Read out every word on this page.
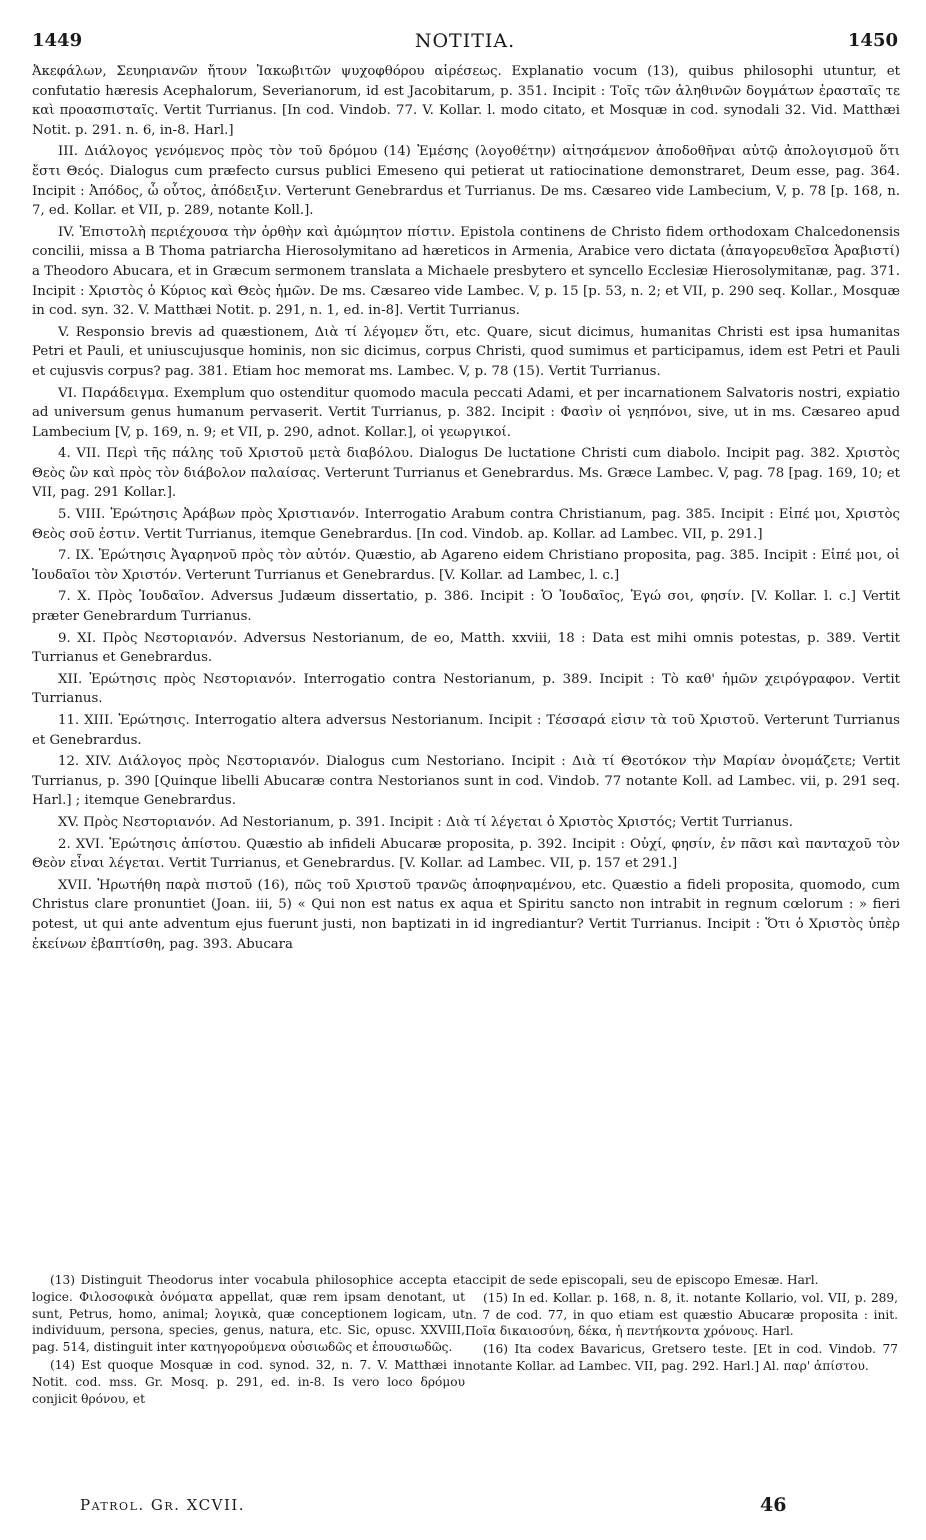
1449	NOTITIA.	1450

Ἀκεφάλων, Σευηριανῶν ἤτουν Ἰακωβιτῶν ψυχοφθόρου αἱρέσεως. Explanatio vocum (13), quibus philosophi utuntur, et confutatio hæresis Acephalorum, Severianorum, id est Jacobitarum, p. 351. Incipit : Τοῖς τῶν ἀληθινῶν δογμάτων ἐρασταῖς τε καὶ προασπισταῖς. Vertit Turrianus. [In cod. Vindob. 77. V. Kollar. l. modo citato, et Mosquæ in cod. synodali 32. Vid. Matthæi Notit. p. 291. n. 6, in-8. Harl.]

III. Διάλογος γενόμενος πρὸς τὸν τοῦ δρόμου (14) Ἐμέσης (λογοθέτην) αἰτησάμενον ἀποδοθῆναι αὐτῷ ἀπολογισμοῦ ὅτι ἔστι Θεός. Dialogus cum præfecto cursus publici Emeseno qui petierat ut ratiocinatione demonstraret, Deum esse, pag. 364. Incipit : Ἀπόδος, ὦ οὗτος, ἀπόδειξιν. Verterunt Genebrardus et Turrianus. De ms. Cæsareo vide Lambecium, V, p. 78 [p. 168, n. 7, ed. Kollar. et VII, p. 289, notante Koll.].

IV. Ἐπιστολὴ περιέχουσα τὴν ὀρθὴν καὶ ἀμώμητον πίστιν. Epistola continens de Christo fidem orthodoxam Chalcedonensis concilii, missa a B Thoma patriarcha Hierosolymitano ad hæreticos in Armenia, Arabice vero dictata (ἀπαγορευθεῖσα Ἀραβιστί) a Theodoro Abucara, et in Græcum sermonem translata a Michaele presbytero et syncello Ecclesiæ Hierosolymitanæ, pag. 371. Incipit : Χριστὸς ὁ Κύριος καὶ Θεὸς ἡμῶν. De ms. Cæsareo vide Lambec. V, p. 15 [p. 53, n. 2; et VII, p. 290 seq. Kollar., Mosquæ in cod. syn. 32. V. Matthæi Notit. p. 291, n. 1, ed. in-8]. Vertit Turrianus.

V. Responsio brevis ad quæstionem, Διὰ τί λέγομεν ὅτι, etc. Quare, sicut dicimus, humanitas Christi est ipsa humanitas Petri et Pauli, et uniuscujusque hominis, non sic dicimus, corpus Christi, quod sumimus et participamus, idem est Petri et Pauli et cujusvis corpus? pag. 381. Etiam hoc memorat ms. Lambec. V, p. 78 (15). Vertit Turrianus.

VI. Παράδειγμα. Exemplum quo ostenditur quomodo macula peccati Adami, et per incarnationem Salvatoris nostri, expiatio ad universum genus humanum pervaserit. Vertit Turrianus, p. 382. Incipit : Φασὶν οἱ γεηπόνοι, sive, ut in ms. Cæsareo apud Lambecium [V, p. 169, n. 9; et VII, p. 290, adnot. Kollar.], οἱ γεωργικοί.

4. VII. Περὶ τῆς πάλης τοῦ Χριστοῦ μετὰ διαβόλου. Dialogus De luctatione Christi cum diabolo. Incipit pag. 382. Χριστὸς Θεὸς ὢν καὶ πρὸς τὸν διάβολον παλαίσας. Verterunt Turrianus et Genebrardus. Ms. Græce Lambec. V, pag. 78 [pag. 169, 10; et VII, pag. 291 Kollar.].

5. VIII. Ἐρώτησις Ἀράβων πρὸς Χριστιανόν. Interrogatio Arabum contra Christianum, pag. 385. Incipit : Εἰπέ μοι, Χριστὸς Θεὸς σοῦ ἐστιν. Vertit Turrianus, itemque Genebrardus. [In cod. Vindob. ap. Kollar. ad Lambec. VII, p. 291.]

7. IX. Ἐρώτησις Ἀγαρηνοῦ πρὸς τὸν αὐτόν. Quæstio, ab Agareno eidem Christiano proposita, pag. 385. Incipit : Εἰπέ μοι, οἱ Ἰουδαῖοι τὸν Χριστόν. Verterunt Turrianus et Genebrardus. [V. Kollar. ad Lambec, l. c.]

7. X. Πρὸς Ἰουδαῖον. Adversus Judæum dissertatio, p. 386. Incipit : Ὁ Ἰουδαῖος, Ἐγώ σοι, φησίν. [V. Kollar. l. c.] Vertit præter Genebrardum Turrianus.

9. XI. Πρὸς Νεστοριανόν. Adversus Nestorianum, de eo, Matth. xxviii, 18 : Data est mihi omnis potestas, p. 389. Vertit Turrianus et Genebrardus.

XII. Ἐρώτησις πρὸς Νεστοριανόν. Interrogatio contra Nestorianum, p. 389. Incipit : Τὸ καθ' ἡμῶν χειρόγραφον. Vertit Turrianus.

11. XIII. Ἐρώτησις. Interrogatio altera adversus Nestorianum. Incipit : Τέσσαρά εἰσιν τὰ τοῦ Χριστοῦ. Verterunt Turrianus et Genebrardus.

12. XIV. Διάλογος πρὸς Νεστοριανόν. Dialogus cum Nestoriano. Incipit : Διὰ τί Θεοτόκον τὴν Μαρίαν ὀνομάζετε; Vertit Turrianus, p. 390 [Quinque libelli Abucaræ contra Nestorianos sunt in cod. Vindob. 77 notante Koll. ad Lambec. vii, p. 291 seq. Harl.] ; itemque Genebrardus.

XV. Πρὸς Νεστοριανόν. Ad Nestorianum, p. 391. Incipit : Διὰ τί λέγεται ὁ Χριστὸς Χριστός; Vertit Turrianus.

2. XVI. Ἐρώτησις ἀπίστου. Quæstio ab infideli Abucaræ proposita, p. 392. Incipit : Οὐχί, φησίν, ἐν πᾶσι καὶ πανταχοῦ τὸν Θεὸν εἶναι λέγεται. Vertit Turrianus, et Genebrardus. [V. Kollar. ad Lambec. VII, p. 157 et 291.]

XVII. Ἠρωτήθη παρὰ πιστοῦ (16), πῶς τοῦ Χριστοῦ τρανῶς ἀποφηναμένου, etc. Quæstio a fideli proposita, quomodo, cum Christus clare pronuntiet (Joan. iii, 5) « Qui non est natus ex aqua et Spiritu sancto non intrabit in regnum cœlorum : » fieri potest, ut qui ante adventum ejus fuerunt justi, non baptizati in id ingrediantur? Vertit Turrianus. Incipit : Ὅτι ὁ Χριστὸς ὑπὲρ ἐκείνων ἐβαπτίσθη, pag. 393. Abucara

(13) Distinguit Theodorus inter vocabula philosophice accepta et logice. Φιλοσοφικὰ ὀνόματα appellat, quæ rem ipsam denotant, ut sunt, Petrus, homo, animal; λογικὰ, quæ conceptionem logicam, ut individuum, persona, species, genus, natura, etc. Sic, opusc. XXVIII, pag. 514, distinguit inter κατηγορούμενα οὐσιωδῶς et ἐπουσιωδῶς.

(14) Est quoque Mosquæ in cod. synod. 32, n. 7. V. Matthæi in Notit. cod. mss. Gr. Mosq. p. 291, ed. in-8. Is vero loco δρόμου conjicit θρόνου, et

accipit de sede episcopali, seu de episcopo Emesæ. Harl.

(15) In ed. Kollar. p. 168, n. 8, it. notante Kollario, vol. VII, p. 289, n. 7 de cod. 77, in quo etiam est quæstio Abucaræ proposita : init. Ποῖα δικαιοσύνη, δέκα, ἡ πεντήκοντα χρόνους. Harl.

(16) Ita codex Bavaricus, Gretsero teste. [Et in cod. Vindob. 77 notante Kollar. ad Lambec. VII, pag. 292. Harl.] Al. παρ' ἀπίστου.

Patrol. Gr. XCVII.	46
